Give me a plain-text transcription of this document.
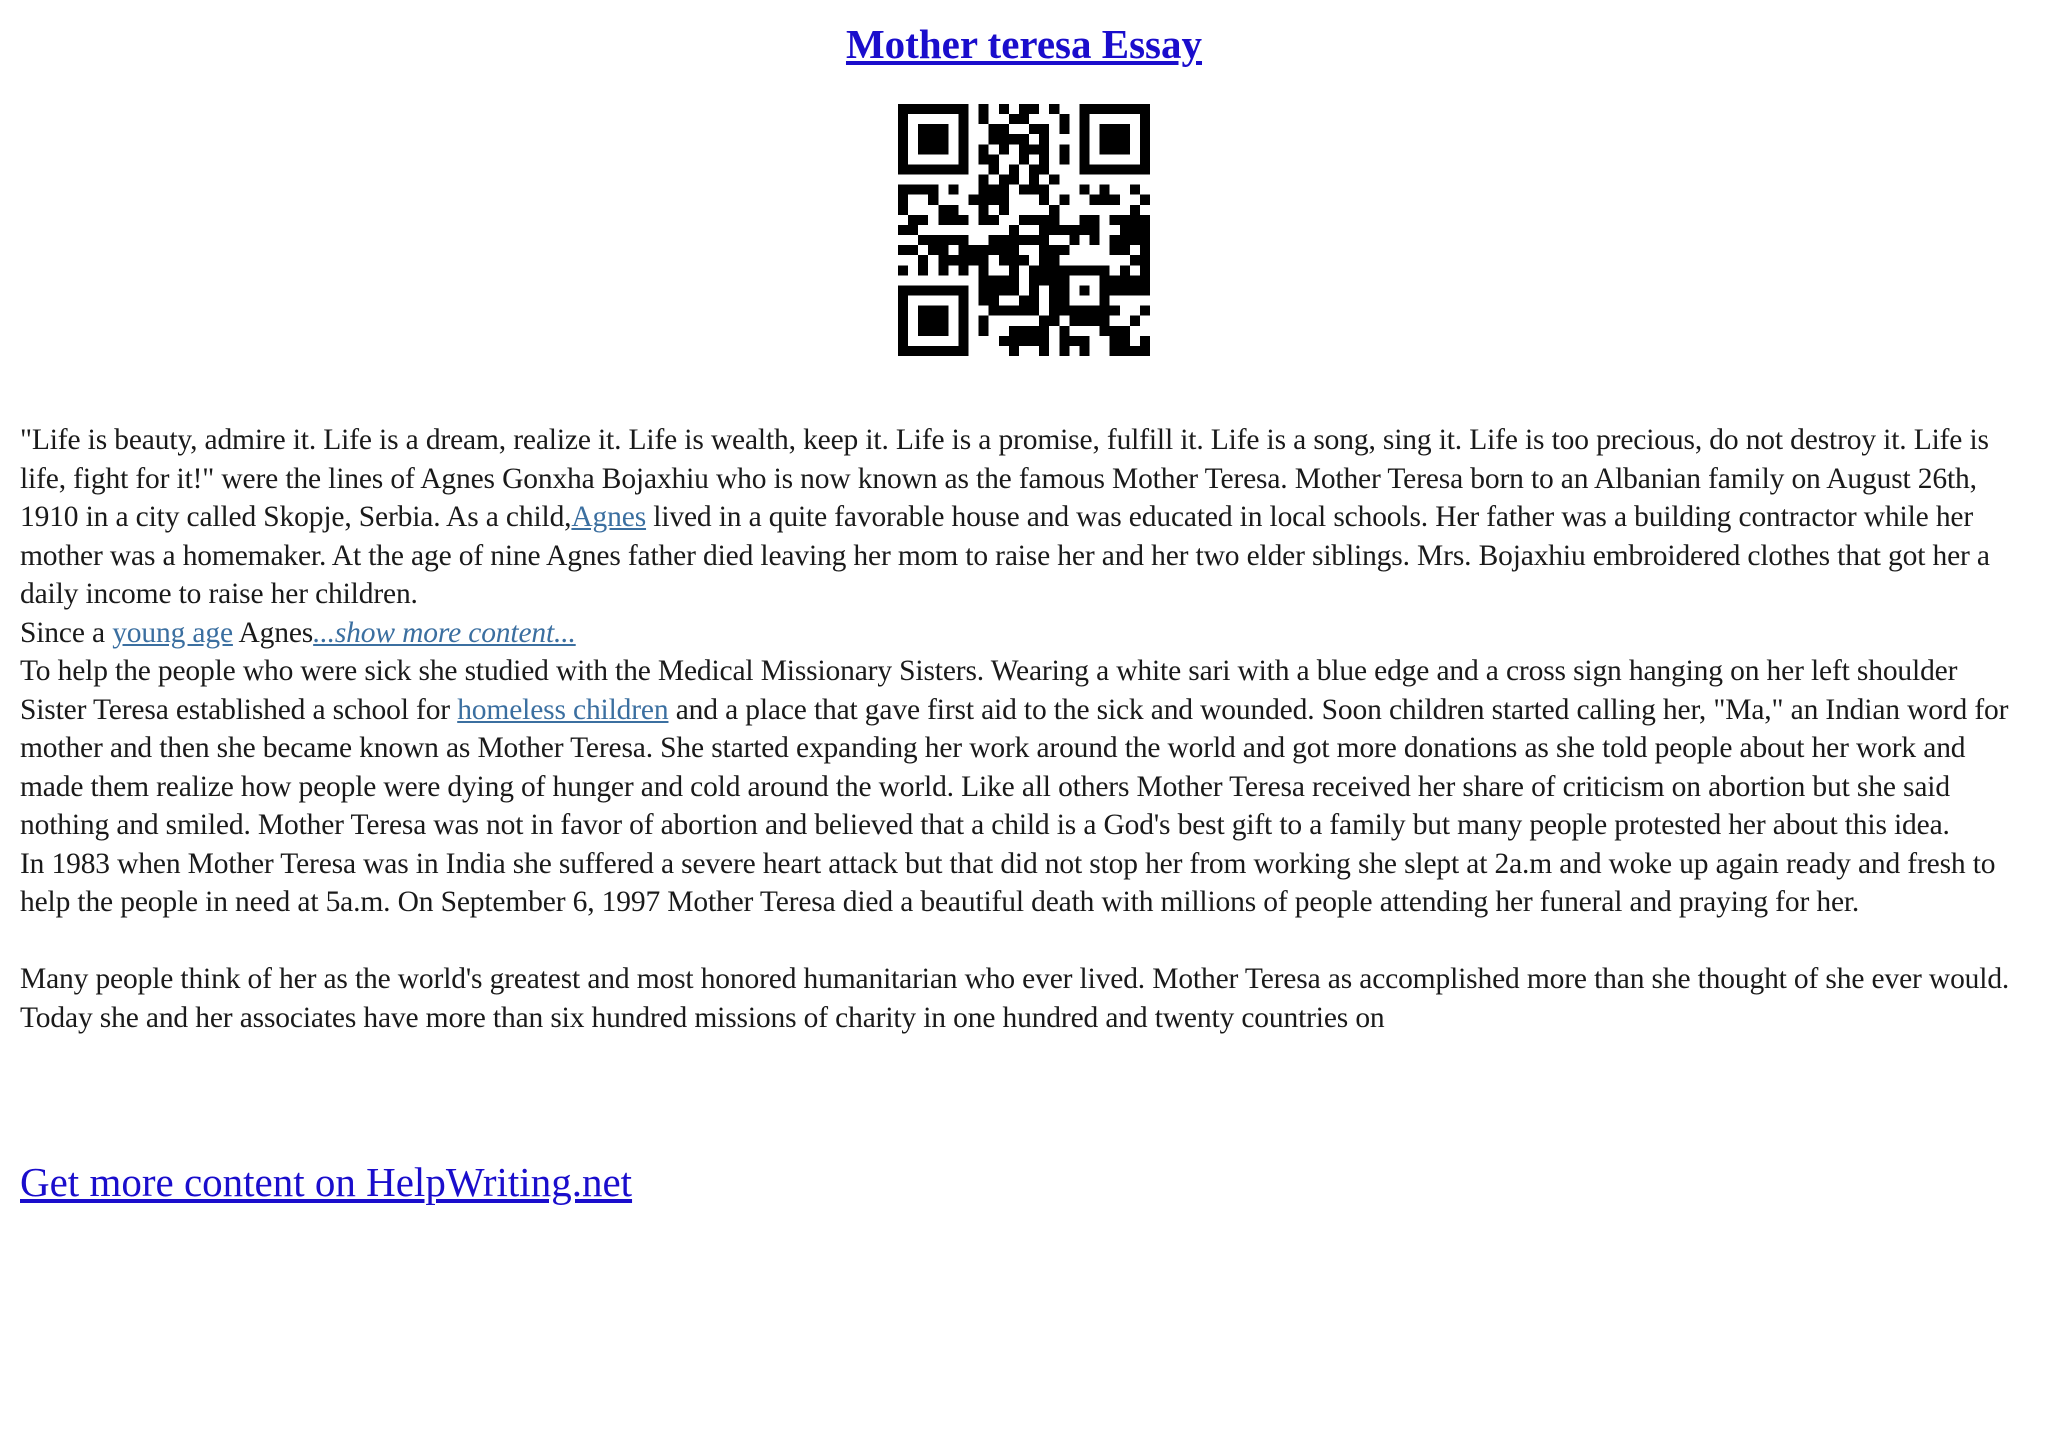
Mother teresa Essay

"Life is beauty, admire it. Life is a dream, realize it. Life is wealth, keep it. Life is a promise, fulfill it. Life is a song, sing it. Life is too precious, do not destroy it. Life is life, fight for it!" were the lines of Agnes Gonxha Bojaxhiu who is now known as the famous Mother Teresa. Mother Teresa born to an Albanian family on August 26th, 1910 in a city called Skopje, Serbia. As a child,Agnes lived in a quite favorable house and was educated in local schools. Her father was a building contractor while her mother was a homemaker. At the age of nine Agnes father died leaving her mom to raise her and her two elder siblings. Mrs. Bojaxhiu embroidered clothes that got her a daily income to raise her children.

Since a young age Agnes...show more content...

To help the people who were sick she studied with the Medical Missionary Sisters. Wearing a white sari with a blue edge and a cross sign hanging on her left shoulder Sister Teresa established a school for homeless children and a place that gave first aid to the sick and wounded. Soon children started calling her, "Ma," an Indian word for mother and then she became known as Mother Teresa. She started expanding her work around the world and got more donations as she told people about her work and made them realize how people were dying of hunger and cold around the world. Like all others Mother Teresa received her share of criticism on abortion but she said nothing and smiled. Mother Teresa was not in favor of abortion and believed that a child is a God's best gift to a family but many people protested her about this idea.

In 1983 when Mother Teresa was in India she suffered a severe heart attack but that did not stop her from working she slept at 2a.m and woke up again ready and fresh to help the people in need at 5a.m. On September 6, 1997 Mother Teresa died a beautiful death with millions of people attending her funeral and praying for her.

Many people think of her as the world's greatest and most honored humanitarian who ever lived. Mother Teresa as accomplished more than she thought of she ever would. Today she and her associates have more than six hundred missions of charity in one hundred and twenty countries on

Get more content on HelpWriting.net
